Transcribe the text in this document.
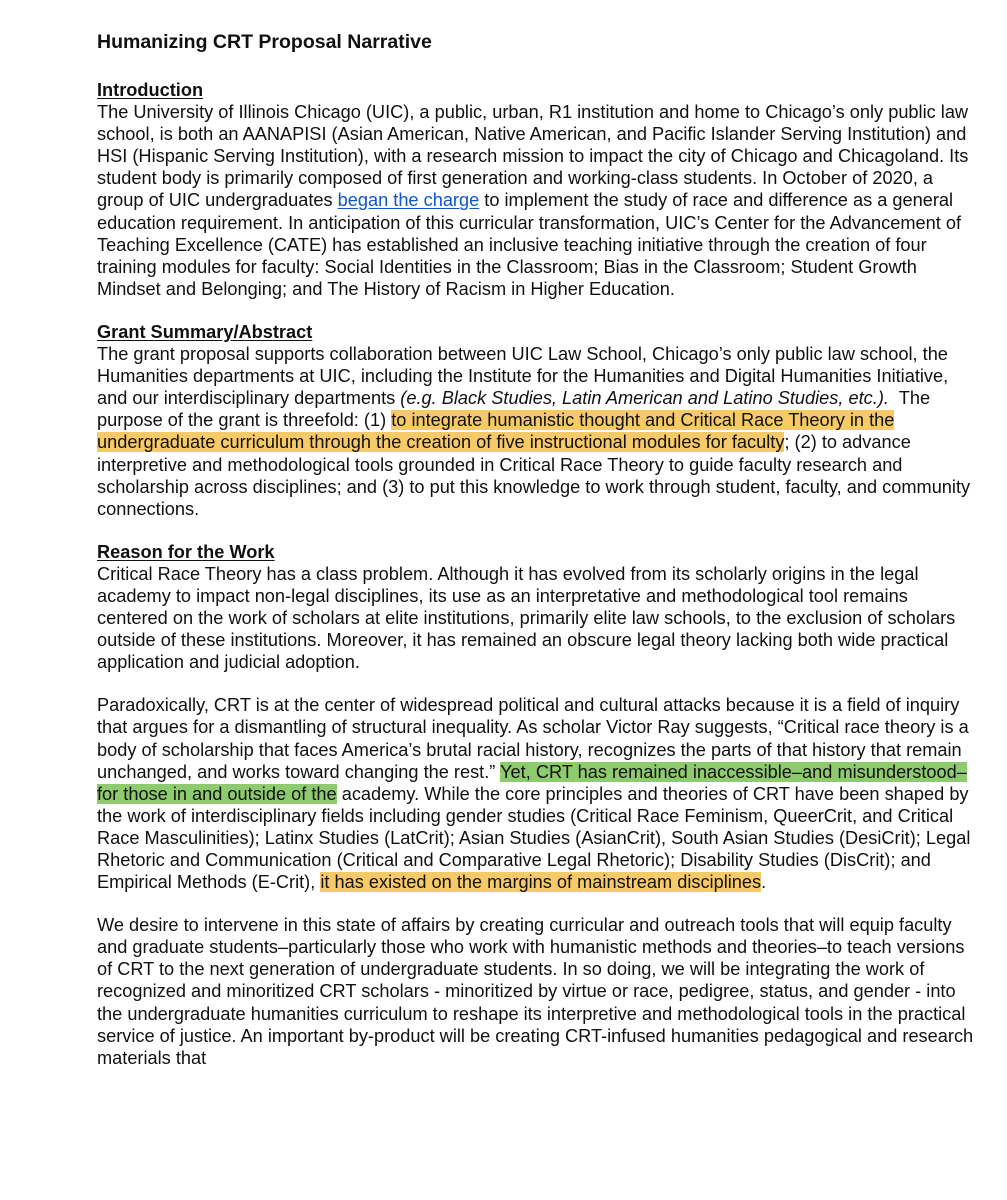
Humanizing CRT Proposal Narrative
Introduction

The University of Illinois Chicago (UIC), a public, urban, R1 institution and home to Chicago’s only public law school, is both an AANAPISI (Asian American, Native American, and Pacific Islander Serving Institution) and HSI (Hispanic Serving Institution), with a research mission to impact the city of Chicago and Chicagoland. Its student body is primarily composed of first generation and working-class students. In October of 2020, a group of UIC undergraduates began the charge to implement the study of race and difference as a general education requirement. In anticipation of this curricular transformation, UIC’s Center for the Advancement of Teaching Excellence (CATE) has established an inclusive teaching initiative through the creation of four training modules for faculty: Social Identities in the Classroom; Bias in the Classroom; Student Growth Mindset and Belonging; and The History of Racism in Higher Education.

Grant Summary/Abstract

The grant proposal supports collaboration between UIC Law School, Chicago’s only public law school, the Humanities departments at UIC, including the Institute for the Humanities and Digital Humanities Initiative, and our interdisciplinary departments (e.g. Black Studies, Latin American and Latino Studies, etc.). The purpose of the grant is threefold: (1) to integrate humanistic thought and Critical Race Theory in the undergraduate curriculum through the creation of five instructional modules for faculty; (2) to advance interpretive and methodological tools grounded in Critical Race Theory to guide faculty research and scholarship across disciplines; and (3) to put this knowledge to work through student, faculty, and community connections.

Reason for the Work

Critical Race Theory has a class problem. Although it has evolved from its scholarly origins in the legal academy to impact non-legal disciplines, its use as an interpretative and methodological tool remains centered on the work of scholars at elite institutions, primarily elite law schools, to the exclusion of scholars outside of these institutions. Moreover, it has remained an obscure legal theory lacking both wide practical application and judicial adoption.

Paradoxically, CRT is at the center of widespread political and cultural attacks because it is a field of inquiry that argues for a dismantling of structural inequality. As scholar Victor Ray suggests, “Critical race theory is a body of scholarship that faces America’s brutal racial history, recognizes the parts of that history that remain unchanged, and works toward changing the rest.” Yet, CRT has remained inaccessible–and misunderstood–for those in and outside of the academy. While the core principles and theories of CRT have been shaped by the work of interdisciplinary fields including gender studies (Critical Race Feminism, QueerCrit, and Critical Race Masculinities); Latinx Studies (LatCrit); Asian Studies (AsianCrit), South Asian Studies (DesiCrit); Legal Rhetoric and Communication (Critical and Comparative Legal Rhetoric); Disability Studies (DisCrit); and Empirical Methods (E-Crit), it has existed on the margins of mainstream disciplines.

We desire to intervene in this state of affairs by creating curricular and outreach tools that will equip faculty and graduate students–particularly those who work with humanistic methods and theories–to teach versions of CRT to the next generation of undergraduate students. In so doing, we will be integrating the work of recognized and minoritized CRT scholars - minoritized by virtue or race, pedigree, status, and gender - into the undergraduate humanities curriculum to reshape its interpretive and methodological tools in the practical service of justice. An important by-product will be creating CRT-infused humanities pedagogical and research materials that
